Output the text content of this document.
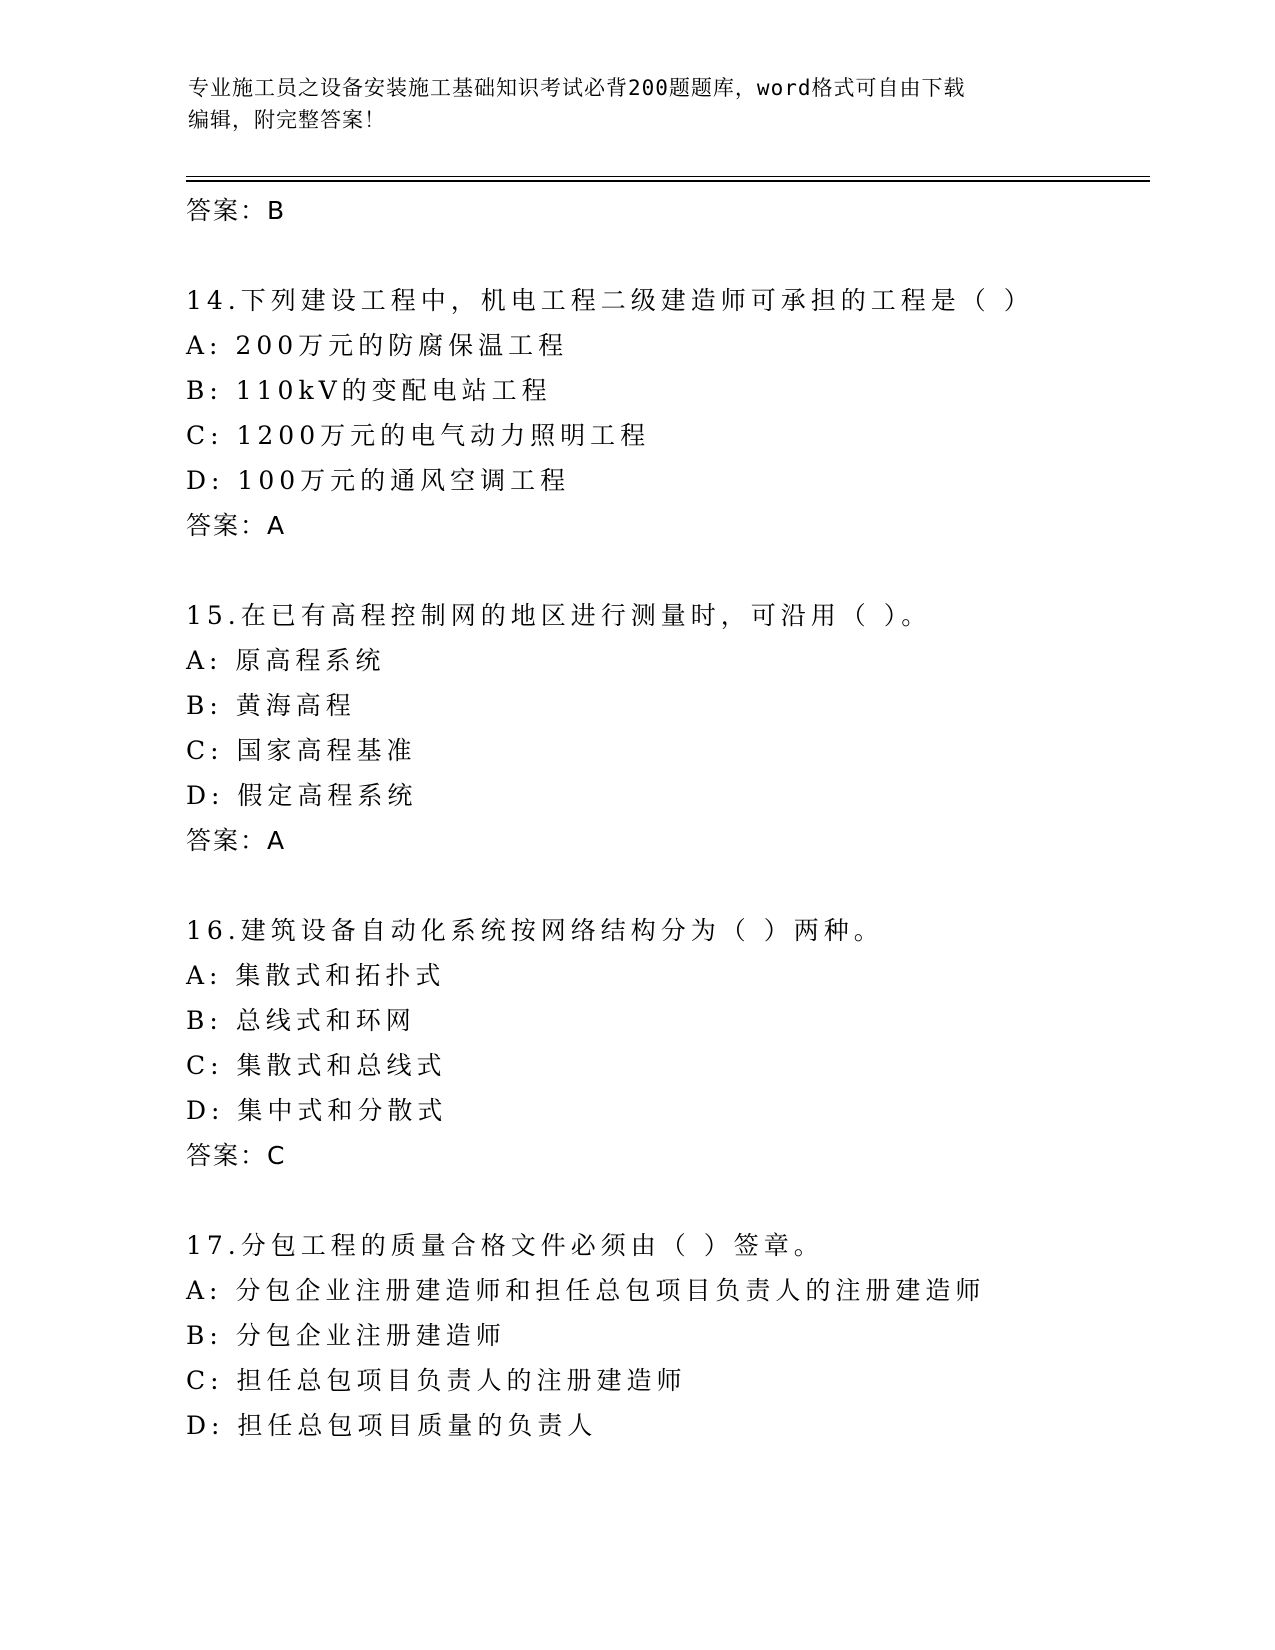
专业施工员之设备安装施工基础知识考试必背200题题库，word格式可自由下载
编辑，附完整答案！
答案：B
14.下列建设工程中，机电工程二级建造师可承担的工程是（ ）
A: 200万元的防腐保温工程
B: 110kV的变配电站工程
C: 1200万元的电气动力照明工程
D: 100万元的通风空调工程
答案：A
15.在已有高程控制网的地区进行测量时，可沿用（ ）。
A: 原高程系统
B: 黄海高程
C: 国家高程基准
D: 假定高程系统
答案：A
16.建筑设备自动化系统按网络结构分为（ ）两种。
A: 集散式和拓扑式
B: 总线式和环网
C: 集散式和总线式
D: 集中式和分散式
答案：C
17.分包工程的质量合格文件必须由（ ）签章。
A: 分包企业注册建造师和担任总包项目负责人的注册建造师
B: 分包企业注册建造师
C: 担任总包项目负责人的注册建造师
D: 担任总包项目质量的负责人
